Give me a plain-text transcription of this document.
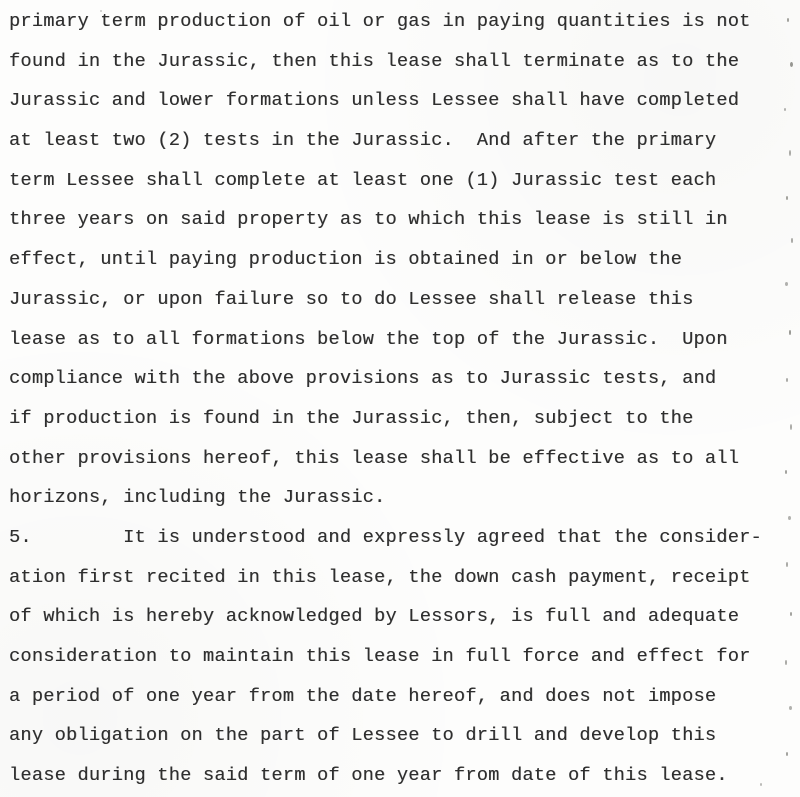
primary term production of oil or gas in paying quantities is not
found in the Jurassic, then this lease shall terminate as to the
Jurassic and lower formations unless Lessee shall have completed
at least two (2) tests in the Jurassic.  And after the primary
term Lessee shall complete at least one (1) Jurassic test each
three years on said property as to which this lease is still in
effect, until paying production is obtained in or below the
Jurassic, or upon failure so to do Lessee shall release this
lease as to all formations below the top of the Jurassic.  Upon
compliance with the above provisions as to Jurassic tests, and
if production is found in the Jurassic, then, subject to the
other provisions hereof, this lease shall be effective as to all
horizons, including the Jurassic.
5.        It is understood and expressly agreed that the consider-
ation first recited in this lease, the down cash payment, receipt
of which is hereby acknowledged by Lessors, is full and adequate
consideration to maintain this lease in full force and effect for
a period of one year from the date hereof, and does not impose
any obligation on the part of Lessee to drill and develop this
lease during the said term of one year from date of this lease.
